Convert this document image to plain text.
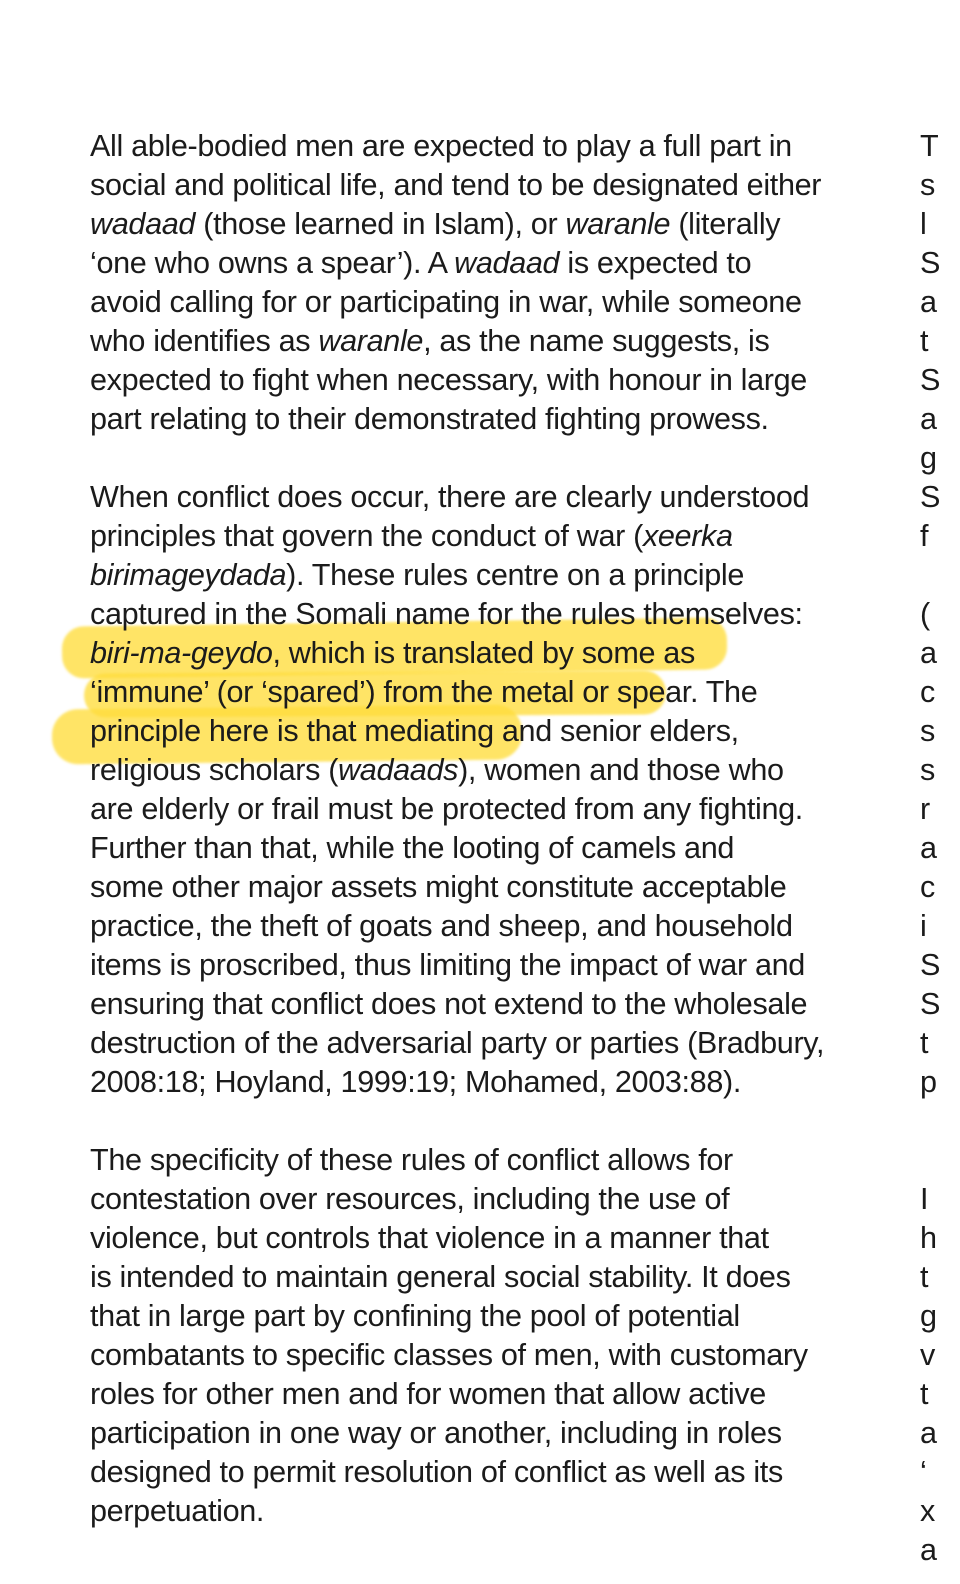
All able-bodied men are expected to play a full part in
social and political life, and tend to be designated either
wadaad (those learned in Islam), or waranle (literally
‘one who owns a spear’). A wadaad is expected to
avoid calling for or participating in war, while someone
who identifies as waranle, as the name suggests, is
expected to fight when necessary, with honour in large
part relating to their demonstrated fighting prowess.
When conflict does occur, there are clearly understood
principles that govern the conduct of war (xeerka
birimageydada). These rules centre on a principle
captured in the Somali name for the rules themselves:
biri-ma-geydo, which is translated by some as
‘immune’ (or ‘spared’) from the metal or spear. The
principle here is that mediating and senior elders,
religious scholars (wadaads), women and those who
are elderly or frail must be protected from any fighting.
Further than that, while the looting of camels and
some other major assets might constitute acceptable
practice, the theft of goats and sheep, and household
items is proscribed, thus limiting the impact of war and
ensuring that conflict does not extend to the wholesale
destruction of the adversarial party or parties (Bradbury,
2008:18; Hoyland, 1999:19; Mohamed, 2003:88).
The specificity of these rules of conflict allows for
contestation over resources, including the use of
violence, but controls that violence in a manner that
is intended to maintain general social stability. It does
that in large part by confining the pool of potential
combatants to specific classes of men, with customary
roles for other men and for women that allow active
participation in one way or another, including in roles
designed to permit resolution of conflict as well as its
perpetuation.
T
s
l
S
a
t
S
a
g
S
f
(
a
c
s
s
r
a
c
i
S
S
t
p
I
h
t
g
v
t
a
‘
x
a
